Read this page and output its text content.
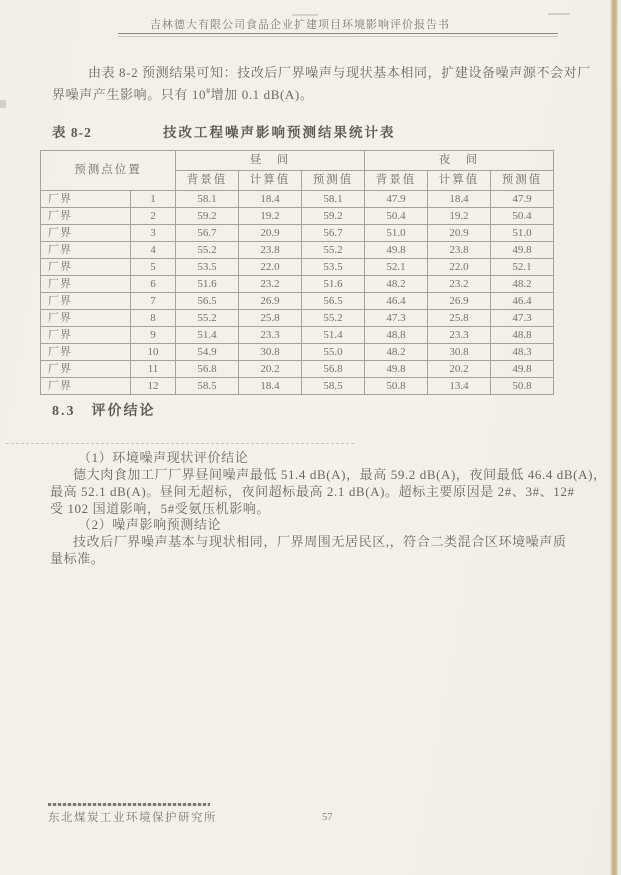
吉林德大有限公司食品企业扩建项目环境影响评价报告书
由表 8-2 预测结果可知：技改后厂界噪声与现状基本相同，扩建设备噪声源不会对厂
界噪声产生影响。只有 10#增加 0.1 dB(A)。
表 8-2	技改工程噪声影响预测结果统计表
预测点位置		昼　间			夜　间		
		背景值	计算值	预测值	背景值	计算值	预测值
厂界	1	58.1	18.4	58.1	47.9	18.4	47.9
厂界	2	59.2	19.2	59.2	50.4	19.2	50.4
厂界	3	56.7	20.9	56.7	51.0	20.9	51.0
厂界	4	55.2	23.8	55.2	49.8	23.8	49.8
厂界	5	53.5	22.0	53.5	52.1	22.0	52.1
厂界	6	51.6	23.2	51.6	48.2	23.2	48.2
厂界	7	56.5	26.9	56.5	46.4	26.9	46.4
厂界	8	55.2	25.8	55.2	47.3	25.8	47.3
厂界	9	51.4	23.3	51.4	48.8	23.3	48.8
厂界	10	54.9	30.8	55.0	48.2	30.8	48.3
厂界	11	56.8	20.2	56.8	49.8	20.2	49.8
厂界	12	58.5	18.4	58.5	50.8	13.4	50.8
8.3　评价结论
（1）环境噪声现状评价结论
德大肉食加工厂厂界昼间噪声最低 51.4 dB(A)，最高 59.2 dB(A)，夜间最低 46.4 dB(A)，
最高 52.1 dB(A)。昼间无超标，夜间超标最高 2.1 dB(A)。超标主要原因是 2#、3#、12#
受 102 国道影响，5#受氨压机影响。
（2）噪声影响预测结论
技改后厂界噪声基本与现状相同，厂界周围无居民区,，符合二类混合区环境噪声质
量标准。
东北煤炭工业环境保护研究所	57
